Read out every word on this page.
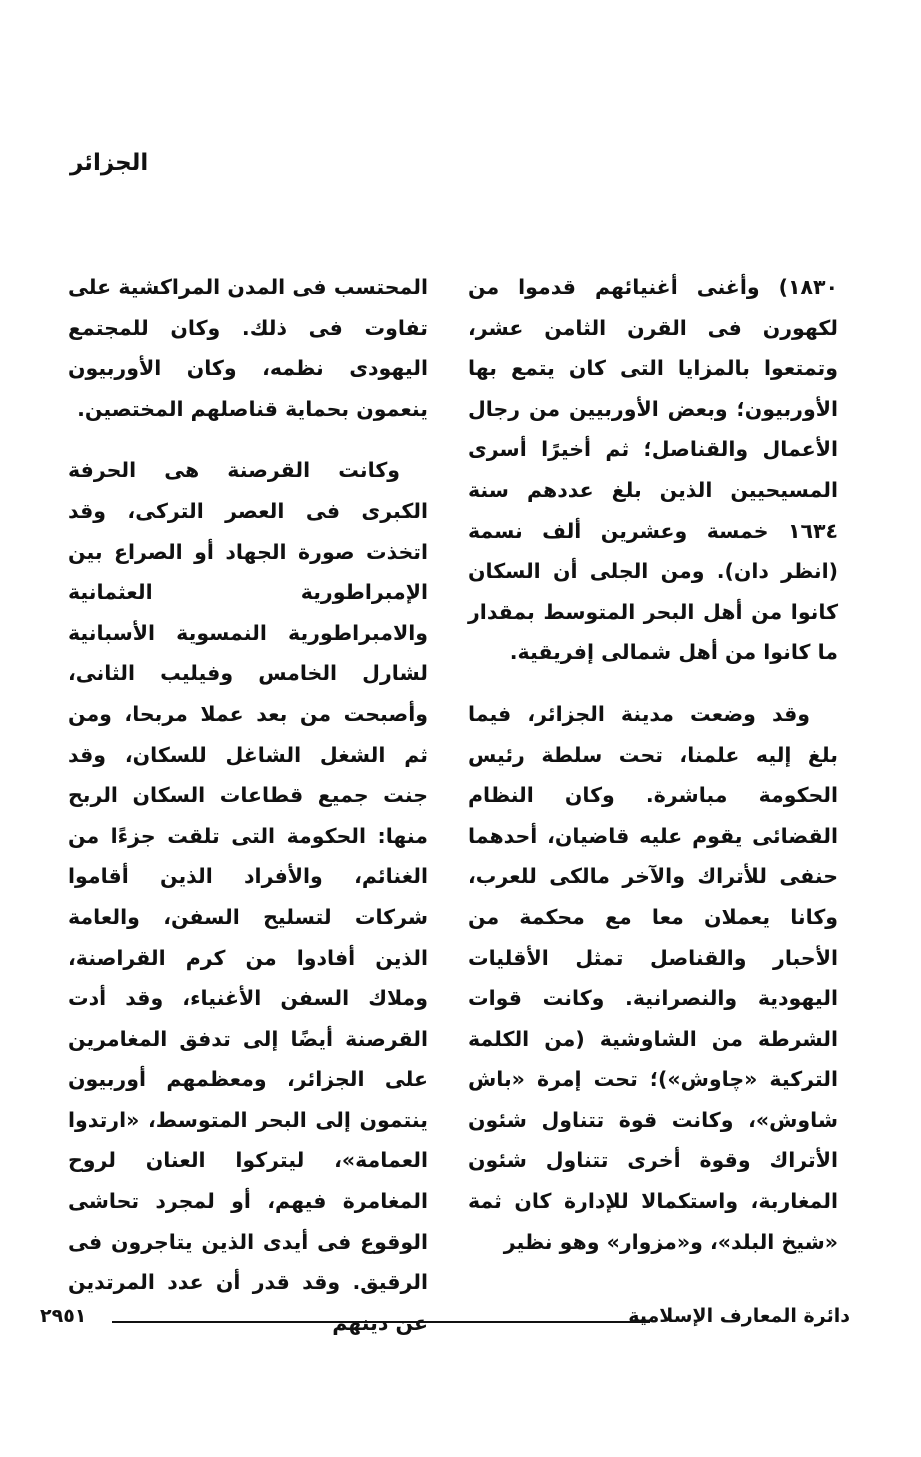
الجزائر

١٨٣٠) وأغنى أغنيائهم قدموا من لكهورن فى القرن الثامن عشر، وتمتعوا بالمزايا التى كان يتمع بها الأوربيون؛ وبعض الأوربيين من رجال الأعمال والقناصل؛ ثم أخيرًا أسرى المسيحيين الذين بلغ عددهم سنة ١٦٣٤ خمسة وعشرين ألف نسمة (انظر دان). ومن الجلى أن السكان كانوا من أهل البحر المتوسط بمقدار ما كانوا من أهل شمالى إفريقية.

وقد وضعت مدينة الجزائر، فيما بلغ إليه علمنا، تحت سلطة رئيس الحكومة مباشرة. وكان النظام القضائى يقوم عليه قاضيان، أحدهما حنفى للأتراك والآخر مالكى للعرب، وكانا يعملان معا مع محكمة من الأحبار والقناصل تمثل الأقليات اليهودية والنصرانية. وكانت قوات الشرطة من الشاوشية (من الكلمة التركية «چاوش»)؛ تحت إمرة «باش شاوش»، وكانت قوة تتناول شئون الأتراك وقوة أخرى تتناول شئون المغاربة، واستكمالا للإدارة كان ثمة «شيخ البلد»، و«مزوار» وهو نظير

المحتسب فى المدن المراكشية على تفاوت فى ذلك. وكان للمجتمع اليهودى نظمه، وكان الأوربيون ينعمون بحماية قناصلهم المختصين.

وكانت القرصنة هى الحرفة الكبرى فى العصر التركى، وقد اتخذت صورة الجهاد أو الصراع بين الإمبراطورية العثمانية والامبراطورية النمسوية الأسبانية لشارل الخامس وفيليب الثانى، وأصبحت من بعد عملا مربحا، ومن ثم الشغل الشاغل للسكان، وقد جنت جميع قطاعات السكان الربح منها: الحكومة التى تلقت جزءًا من الغنائم، والأفراد الذين أقاموا شركات لتسليح السفن، والعامة الذين أفادوا من كرم القراصنة، وملاك السفن الأغنياء، وقد أدت القرصنة أيضًا إلى تدفق المغامرين على الجزائر، ومعظمهم أوربيون ينتمون إلى البحر المتوسط، «ارتدوا العمامة»، ليتركوا العنان لروح المغامرة فيهم، أو لمجرد تحاشى الوقوع فى أيدى الذين يتاجرون فى الرقيق. وقد قدر أن عدد المرتدين عن دينهم	دائرة المعارف الإسلامية
٢٩٥١
